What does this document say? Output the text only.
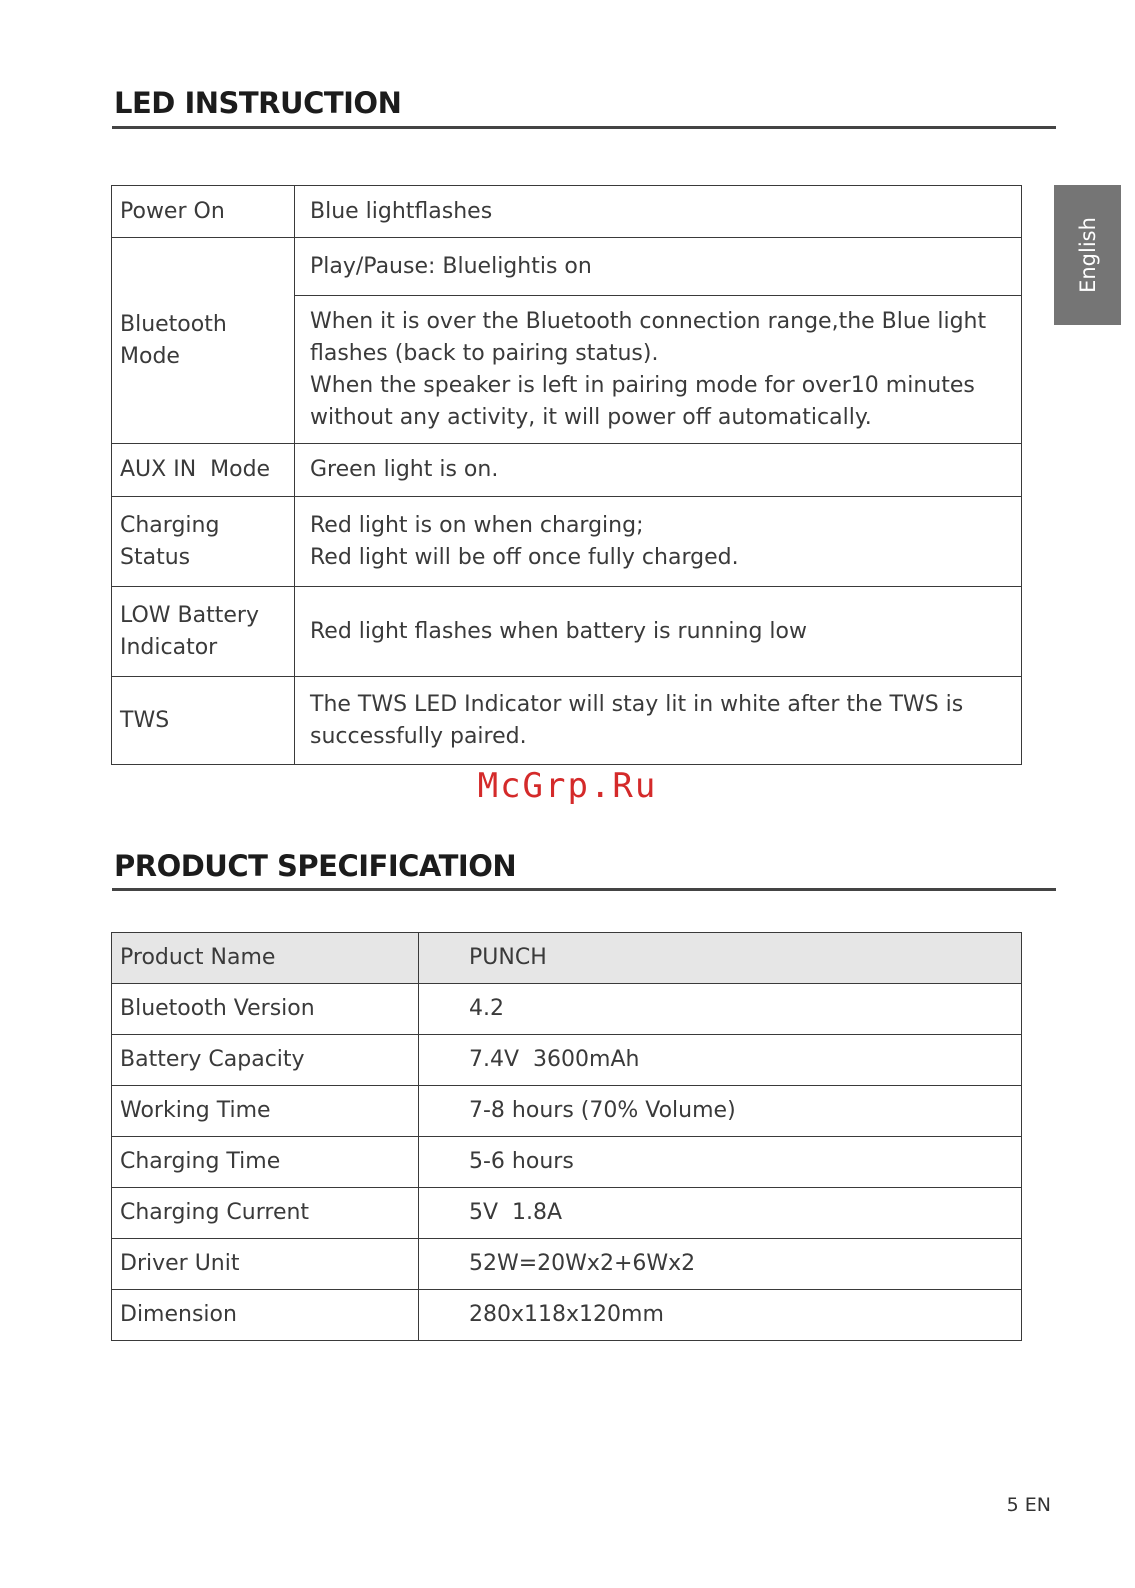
LED INSTRUCTION
Power On	Blue lightflashes

Bluetooth
Mode	Play/Pause: Bluelightis on

	When it is over the Bluetooth connection range,the Blue light
flashes (back to pairing status).
When the speaker is left in pairing mode for over10 minutes
without any activity, it will power off automatically.

AUX IN  Mode	Green light is on.

Charging
Status	Red light is on when charging;
Red light will be off once fully charged.

LOW Battery
Indicator	Red light flashes when battery is running low
TWS	The TWS LED Indicator will stay lit in white after the TWS is
successfully paired.
McGrp.Ru
PRODUCT SPECIFICATION
Product Name	PUNCH
Bluetooth Version	4.2
Battery Capacity	7.4V  3600mAh
Working Time	7-8 hours (70% Volume)
Charging Time	5-6 hours
Charging Current	5V  1.8A
Driver Unit	52W=20Wx2+6Wx2
Dimension	280x118x120mm
English
5 EN
